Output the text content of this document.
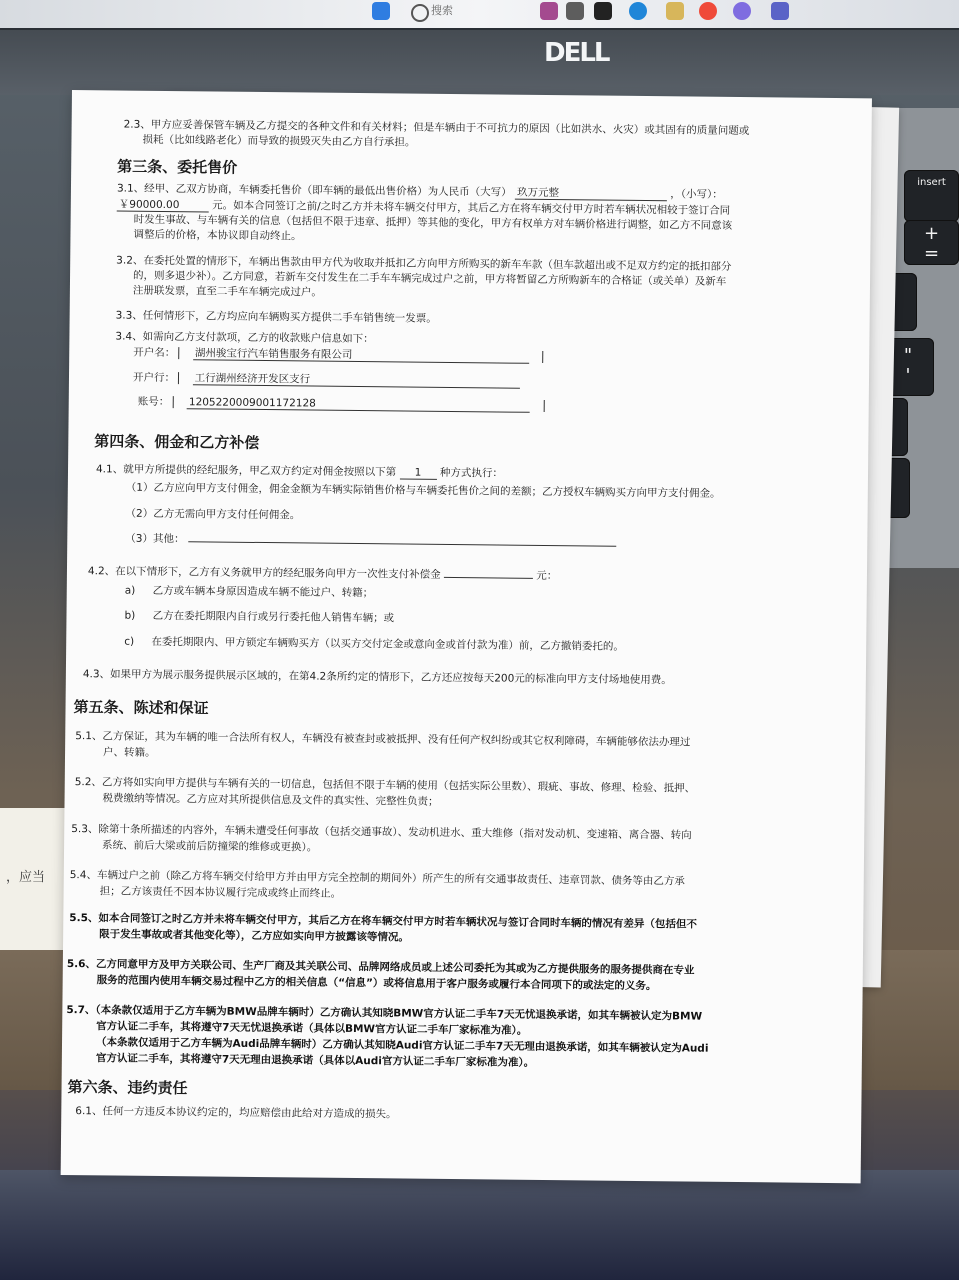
搜索
DELL
insert
+
=
"
'
，应当
2.3、甲方应妥善保管车辆及乙方提交的各种文件和有关材料；但是车辆由于不可抗力的原因（比如洪水、火灾）或其固有的质量问题或
损耗（比如线路老化）而导致的损毁灭失由乙方自行承担。
第三条、委托售价
3.1、经甲、乙双方协商，车辆委托售价（即车辆的最低出售价格）为人民币（大写） 玖万元整	，（小写）：
￥90000.00	元。如本合同签订之前/之时乙方并未将车辆交付甲方，其后乙方在将车辆交付甲方时若车辆状况相较于签订合同
时发生事故、与车辆有关的信息（包括但不限于违章、抵押）等其他的变化，甲方有权单方对车辆价格进行调整，如乙方不同意该
调整后的价格，本协议即自动终止。
3.2、在委托处置的情形下，车辆出售款由甲方代为收取并抵扣乙方向甲方所购买的新车车款（但车款超出或不足双方约定的抵扣部分
的，则多退少补）。乙方同意，若新车交付发生在二手车车辆完成过户之前，甲方将暂留乙方所购新车的合格证（或关单）及新车
注册联发票，直至二手车车辆完成过户。
3.3、任何情形下，乙方均应向车辆购买方提供二手车销售统一发票。
3.4、如需向乙方支付款项，乙方的收款账户信息如下：
开户名： 湖州骏宝行汽车销售服务有限公司
开户行： 工行湖州经济开发区支行
账号： 1205220009001172128
第四条、佣金和乙方补偿
4.1、就甲方所提供的经纪服务，甲乙双方约定对佣金按照以下第 1 种方式执行：
（1）乙方应向甲方支付佣金，佣金金额为车辆实际销售价格与车辆委托售价之间的差额；乙方授权车辆购买方向甲方支付佣金。
（2）乙方无需向甲方支付任何佣金。
（3）其他：
4.2、在以下情形下，乙方有义务就甲方的经纪服务向甲方一次性支付补偿金	元：
a) 乙方或车辆本身原因造成车辆不能过户、转籍；
b) 乙方在委托期限内自行或另行委托他人销售车辆；或
c) 在委托期限内、甲方锁定车辆购买方（以买方交付定金或意向金或首付款为准）前，乙方撤销委托的。
4.3、如果甲方为展示服务提供展示区域的，在第4.2条所约定的情形下，乙方还应按每天200元的标准向甲方支付场地使用费。
第五条、陈述和保证
5.1、乙方保证，其为车辆的唯一合法所有权人，车辆没有被查封或被抵押、没有任何产权纠纷或其它权利障碍，车辆能够依法办理过
户、转籍。
5.2、乙方将如实向甲方提供与车辆有关的一切信息，包括但不限于车辆的使用（包括实际公里数）、瑕疵、事故、修理、检验、抵押、
税费缴纳等情况。乙方应对其所提供信息及文件的真实性、完整性负责；
5.3、除第十条所描述的内容外，车辆未遭受任何事故（包括交通事故）、发动机进水、重大维修（指对发动机、变速箱、离合器、转向
系统、前后大梁或前后防撞梁的维修或更换）。
5.4、车辆过户之前（除乙方将车辆交付给甲方并由甲方完全控制的期间外）所产生的所有交通事故责任、违章罚款、债务等由乙方承
担；乙方该责任不因本协议履行完成或终止而终止。
5.5、如本合同签订之时乙方并未将车辆交付甲方，其后乙方在将车辆交付甲方时若车辆状况与签订合同时车辆的情况有差异（包括但不
限于发生事故或者其他变化等），乙方应如实向甲方披露该等情况。
5.6、乙方同意甲方及甲方关联公司、生产厂商及其关联公司、品牌网络成员或上述公司委托为其或为乙方提供服务的服务提供商在专业
服务的范围内使用车辆交易过程中乙方的相关信息（“信息”）或将信息用于客户服务或履行本合同项下的或法定的义务。
5.7、（本条款仅适用于乙方车辆为BMW品牌车辆时）乙方确认其知晓BMW官方认证二手车7天无忧退换承诺，如其车辆被认定为BMW
官方认证二手车，其将遵守7天无忧退换承诺（具体以BMW官方认证二手车厂家标准为准）。
（本条款仅适用于乙方车辆为Audi品牌车辆时）乙方确认其知晓Audi官方认证二手车7天无理由退换承诺，如其车辆被认定为Audi
官方认证二手车，其将遵守7天无理由退换承诺（具体以Audi官方认证二手车厂家标准为准）。
第六条、违约责任
6.1、任何一方违反本协议约定的，均应赔偿由此给对方造成的损失。
